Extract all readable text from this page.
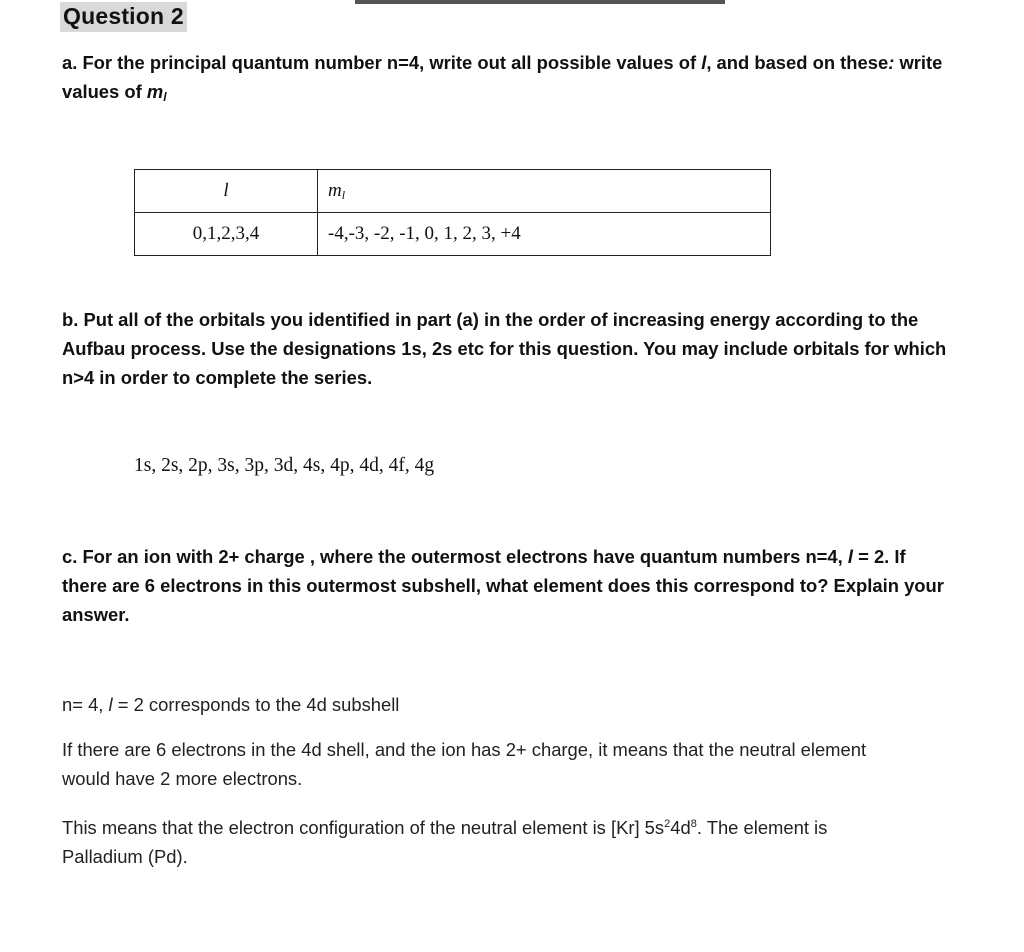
Question 2
a. For the principal quantum number n=4, write out all possible values of l, and based on these: write
values of $m_l$
l	ml
0,1,2,3,4	-4,-3, -2, -1, 0, 1, 2, 3, +4
b. Put all of the orbitals you identified in part (a) in the order of increasing energy according to the
Aufbau process. Use the designations 1s, 2s etc for this question. You may include orbitals for which
n>4 in order to complete the series.
1s, 2s, 2p, 3s, 3p, 3d, 4s, 4p, 4d, 4f, 4g
c. For an ion with 2+ charge , where the outermost electrons have quantum numbers n=4, l = 2. If
there are 6 electrons in this outermost subshell, what element does this correspond to? Explain your
answer.
n= 4, l = 2 corresponds to the 4d subshell
If there are 6 electrons in the 4d shell, and the ion has 2+ charge, it means that the neutral element
would have 2 more electrons.
This means that the electron configuration of the neutral element is [Kr] $5s^24d^8$. The element is
Palladium (Pd).
